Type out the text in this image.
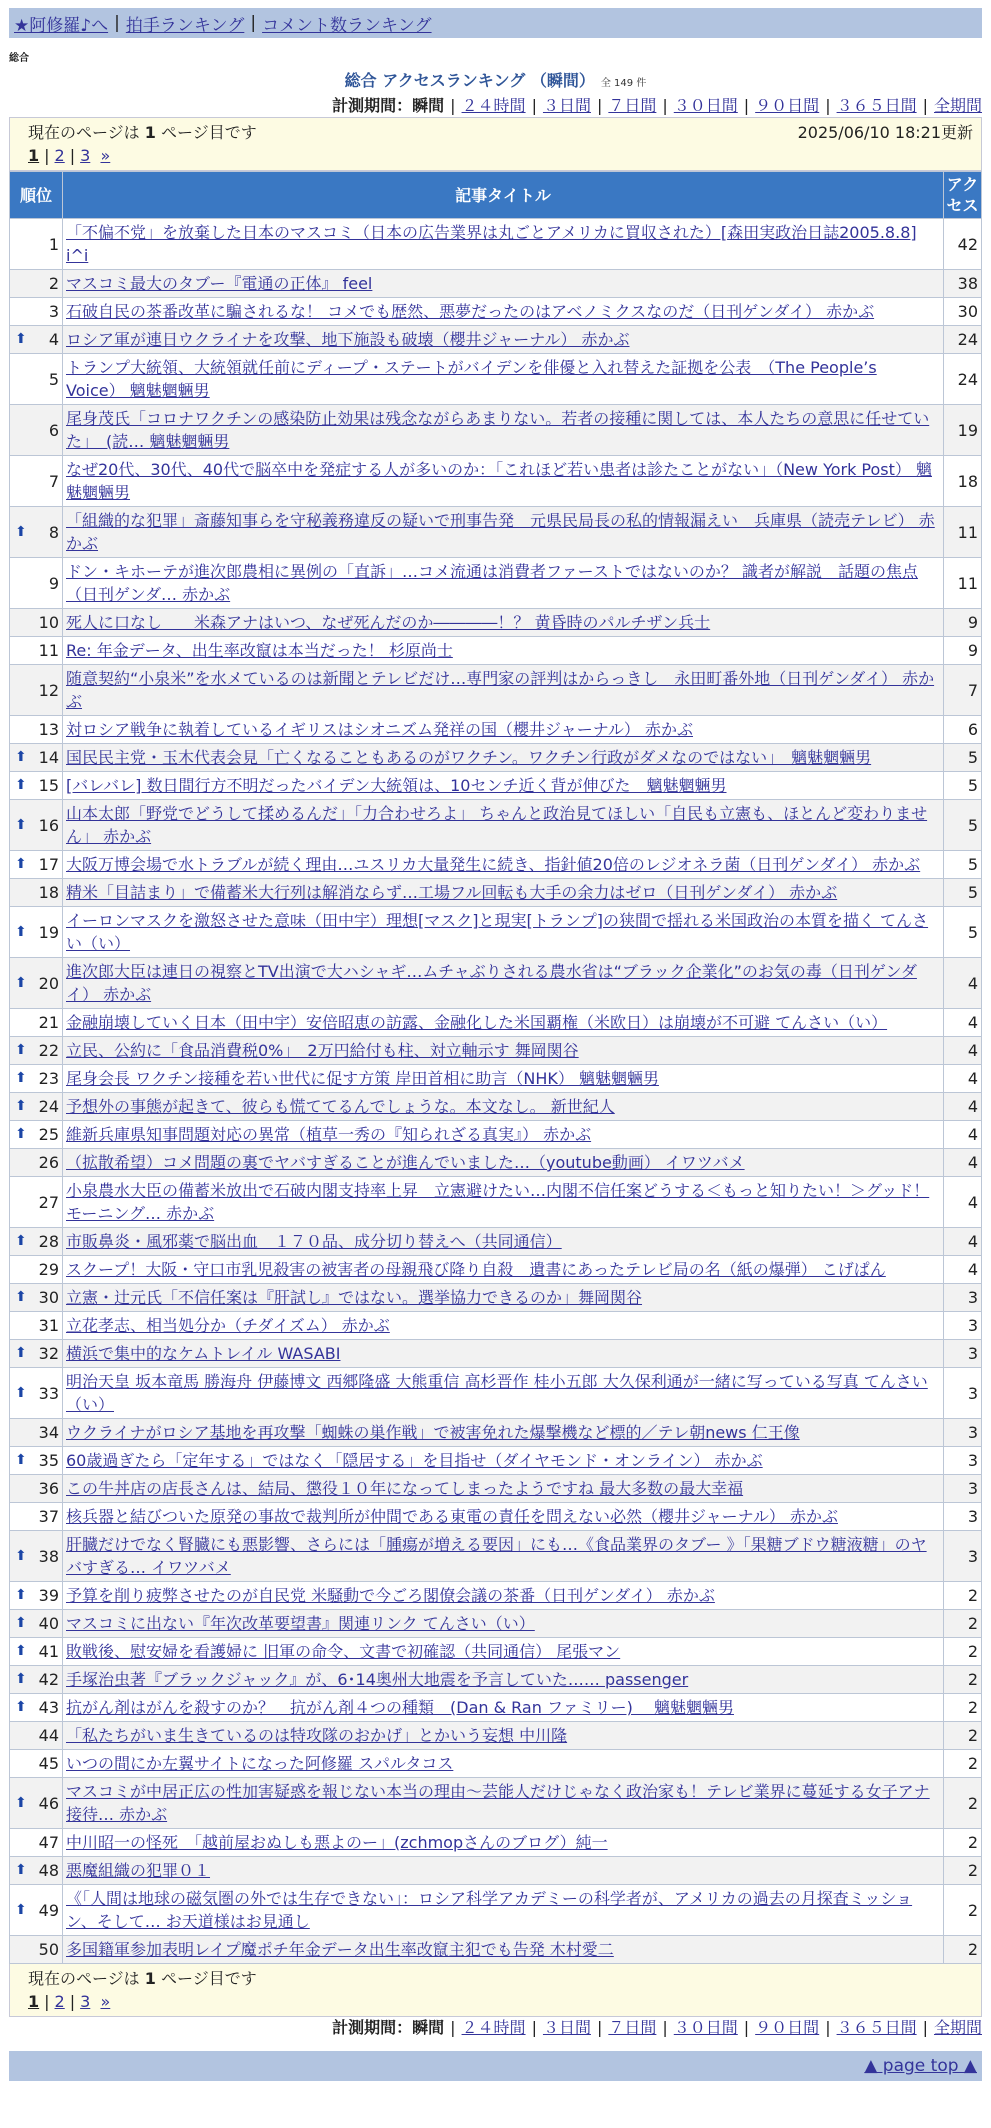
★阿修羅♪へ | 拍手ランキング | コメント数ランキング
総合
総合 アクセスランキング （瞬間） 全 149 件
計測期間：瞬間 | ２４時間 | ３日間 | ７日間 | ３０日間 | ９０日間 | ３６５日間 | 全期間
現在のページは 1 ページ目です	2025/06/10 18:21更新
1 | 2 | 3 »
順位	記事タイトル	アクセス
1	「不偏不党」を放棄した日本のマスコミ（日本の広告業界は丸ごとアメリカに買収された）[森田実政治日誌2005.8.8] i^i	42
2	マスコミ最大のタブー『電通の正体』 feel	38
3	石破自民の茶番改革に騙されるな！ コメでも歴然、悪夢だったのはアベノミクスなのだ（日刊ゲンダイ） 赤かぶ	30

⬆ 4	ロシア軍が連日ウクライナを攻撃、地下施設も破壊（櫻井ジャーナル） 赤かぶ	24
5	トランプ大統領、大統領就任前にディープ・ステートがバイデンを俳優と入れ替えた証拠を公表　（The People’s Voice） 魑魅魍魎男	24
6	尾身茂氏「コロナワクチンの感染防止効果は残念ながらあまりない。若者の接種に関しては、本人たちの意思に任せていた」　(読… 魑魅魍魎男	19
7	なぜ20代、30代、40代で脳卒中を発症する人が多いのか：「これほど若い患者は診たことがない」（New York Post） 魑魅魍魎男	18

⬆ 8	「組織的な犯罪」斎藤知事らを守秘義務違反の疑いで刑事告発　元県民局長の私的情報漏えい　兵庫県（読売テレビ） 赤かぶ	11
9	ドン・キホーテが進次郎農相に異例の「直訴」…コメ流通は消費者ファーストではないのか？ 識者が解説　話題の焦点（日刊ゲンダ… 赤かぶ	11
10	死人に口なし　　米森アナはいつ、なぜ死んだのか――――！？ 黄昏時のパルチザン兵士	9
11	Re: 年金データ、出生率改竄は本当だった！ 杉原尚士	9
12	随意契約“小泉米”を水メているのは新聞とテレビだけ…専門家の評判はからっきし　永田町番外地（日刊ゲンダイ） 赤かぶ	7
13	対ロシア戦争に執着しているイギリスはシオニズム発祥の国（櫻井ジャーナル） 赤かぶ	6

⬆ 14	国民民主党・玉木代表会見「亡くなることもあるのがワクチン。ワクチン行政がダメなのではない」　魑魅魍魎男	5

⬆ 15	[バレバレ] 数日間行方不明だったバイデン大統領は、10センチ近く背が伸びた　魑魅魍魎男	5

⬆ 16	山本太郎「野党でどうして揉めるんだ」「力合わせろよ」 ちゃんと政治見てほしい「自民も立憲も、ほとんど変わりません」 赤かぶ	5

⬆ 17	大阪万博会場で水トラブルが続く理由…ユスリカ大量発生に続き、指針値20倍のレジオネラ菌（日刊ゲンダイ） 赤かぶ	5
18	精米「目詰まり」で備蓄米大行列は解消ならず…工場フル回転も大手の余力はゼロ（日刊ゲンダイ） 赤かぶ	5

⬆ 19	イーロンマスクを激怒させた意味（田中宇）理想[マスク]と現実[トランプ]の狭間で揺れる米国政治の本質を描く てんさい（い）	5

⬆ 20	進次郎大臣は連日の視察とTV出演で大ハシャギ…ムチャぶりされる農水省は“ブラック企業化”のお気の毒（日刊ゲンダイ） 赤かぶ	4
21	金融崩壊していく日本（田中宇）安倍昭恵の訪露、金融化した米国覇権（米欧日）は崩壊が不可避 てんさい（い）	4

⬆ 22	立民、公約に「食品消費税0%」　2万円給付も柱、対立軸示す 舞岡関谷	4

⬆ 23	尾身会長 ワクチン接種を若い世代に促す方策 岸田首相に助言（NHK） 魑魅魍魎男	4

⬆ 24	予想外の事態が起きて、彼らも慌ててるんでしょうな。本文なし。 新世紀人	4

⬆ 25	維新兵庫県知事問題対応の異常（植草一秀の『知られざる真実』） 赤かぶ	4
26	（拡散希望）コメ問題の裏でヤバすぎることが進んでいました…（youtube動画） イワツバメ	4
27	小泉農水大臣の備蓄米放出で石破内閣支持率上昇　立憲避けたい…内閣不信任案どうする＜もっと知りたい！＞グッド！モーニング… 赤かぶ	4

⬆ 28	市販鼻炎・風邪薬で脳出血　１７０品、成分切り替えへ（共同通信）	4
29	スクープ！大阪・守口市乳児殺害の被害者の母親飛び降り自殺　遺書にあったテレビ局の名（紙の爆弾） こげぱん	4

⬆ 30	立憲・辻元氏「不信任案は『肝試し』ではない。選挙協力できるのか」舞岡関谷	3
31	立花孝志、相当処分か（チダイズム） 赤かぶ	3

⬆ 32	横浜で集中的なケムトレイル WASABI	3

⬆ 33	明治天皇 坂本竜馬 勝海舟 伊藤博文 西郷隆盛 大熊重信 高杉晋作 桂小五郎 大久保利通が一緒に写っている写真 てんさい（い）	3
34	ウクライナがロシア基地を再攻撃「蜘蛛の巣作戦」で被害免れた爆撃機など標的／テレ朝news 仁王像	3

⬆ 35	60歳過ぎたら「定年する」ではなく「隠居する」を目指せ（ダイヤモンド・オンライン） 赤かぶ	3
36	この牛丼店の店長さんは、結局、懲役１０年になってしまったようですね 最大多数の最大幸福	3
37	核兵器と結びついた原発の事故で裁判所が仲間である東電の責任を問えない必然（櫻井ジャーナル） 赤かぶ	3

⬆ 38	肝臓だけでなく腎臓にも悪影響、さらには「腫瘍が増える要因」にも…《食品業界のタブー 》「果糖ブドウ糖液糖」のヤバすぎる… イワツバメ	3

⬆ 39	予算を削り疲弊させたのが自民党 米騒動で今ごろ閣僚会議の茶番（日刊ゲンダイ） 赤かぶ	2

⬆ 40	マスコミに出ない『年次改革要望書』関連リンク てんさい（い）	2

⬆ 41	敗戦後、慰安婦を看護婦に 旧軍の命令、文書で初確認（共同通信） 尾張マン	2

⬆ 42	手塚治虫著『ブラックジャック』が、6･14奥州大地震を予言していた…… passenger	2

⬆ 43	抗がん剤はがんを殺すのか？　抗がん剤４つの種類　(Dan & Ran ファミリー)　 魑魅魍魎男	2
44	「私たちがいま生きているのは特攻隊のおかげ」とかいう妄想 中川隆	2
45	いつの間にか左翼サイトになった阿修羅 スパルタコス	2

⬆ 46	マスコミが中居正広の性加害疑惑を報じない本当の理由～芸能人だけじゃなく政治家も！テレビ業界に蔓延する女子アナ接待… 赤かぶ	2
47	中川昭一の怪死　「越前屋おぬしも悪よのー」(zchmopさんのブログ）純一	2

⬆ 48	悪魔組織の犯罪０１	2

⬆ 49	《「人間は地球の磁気圏の外では生存できない」：ロシア科学アカデミーの科学者が、アメリカの過去の月探査ミッション、そして… お天道様はお見通し	2
50	多国籍軍参加表明レイプ魔ポチ年金データ出生率改竄主犯でも告発 木村愛二	2
現在のページは 1 ページ目です
1 | 2 | 3 »
計測期間：瞬間 | ２４時間 | ３日間 | ７日間 | ３０日間 | ９０日間 | ３６５日間 | 全期間
▲ page top ▲
